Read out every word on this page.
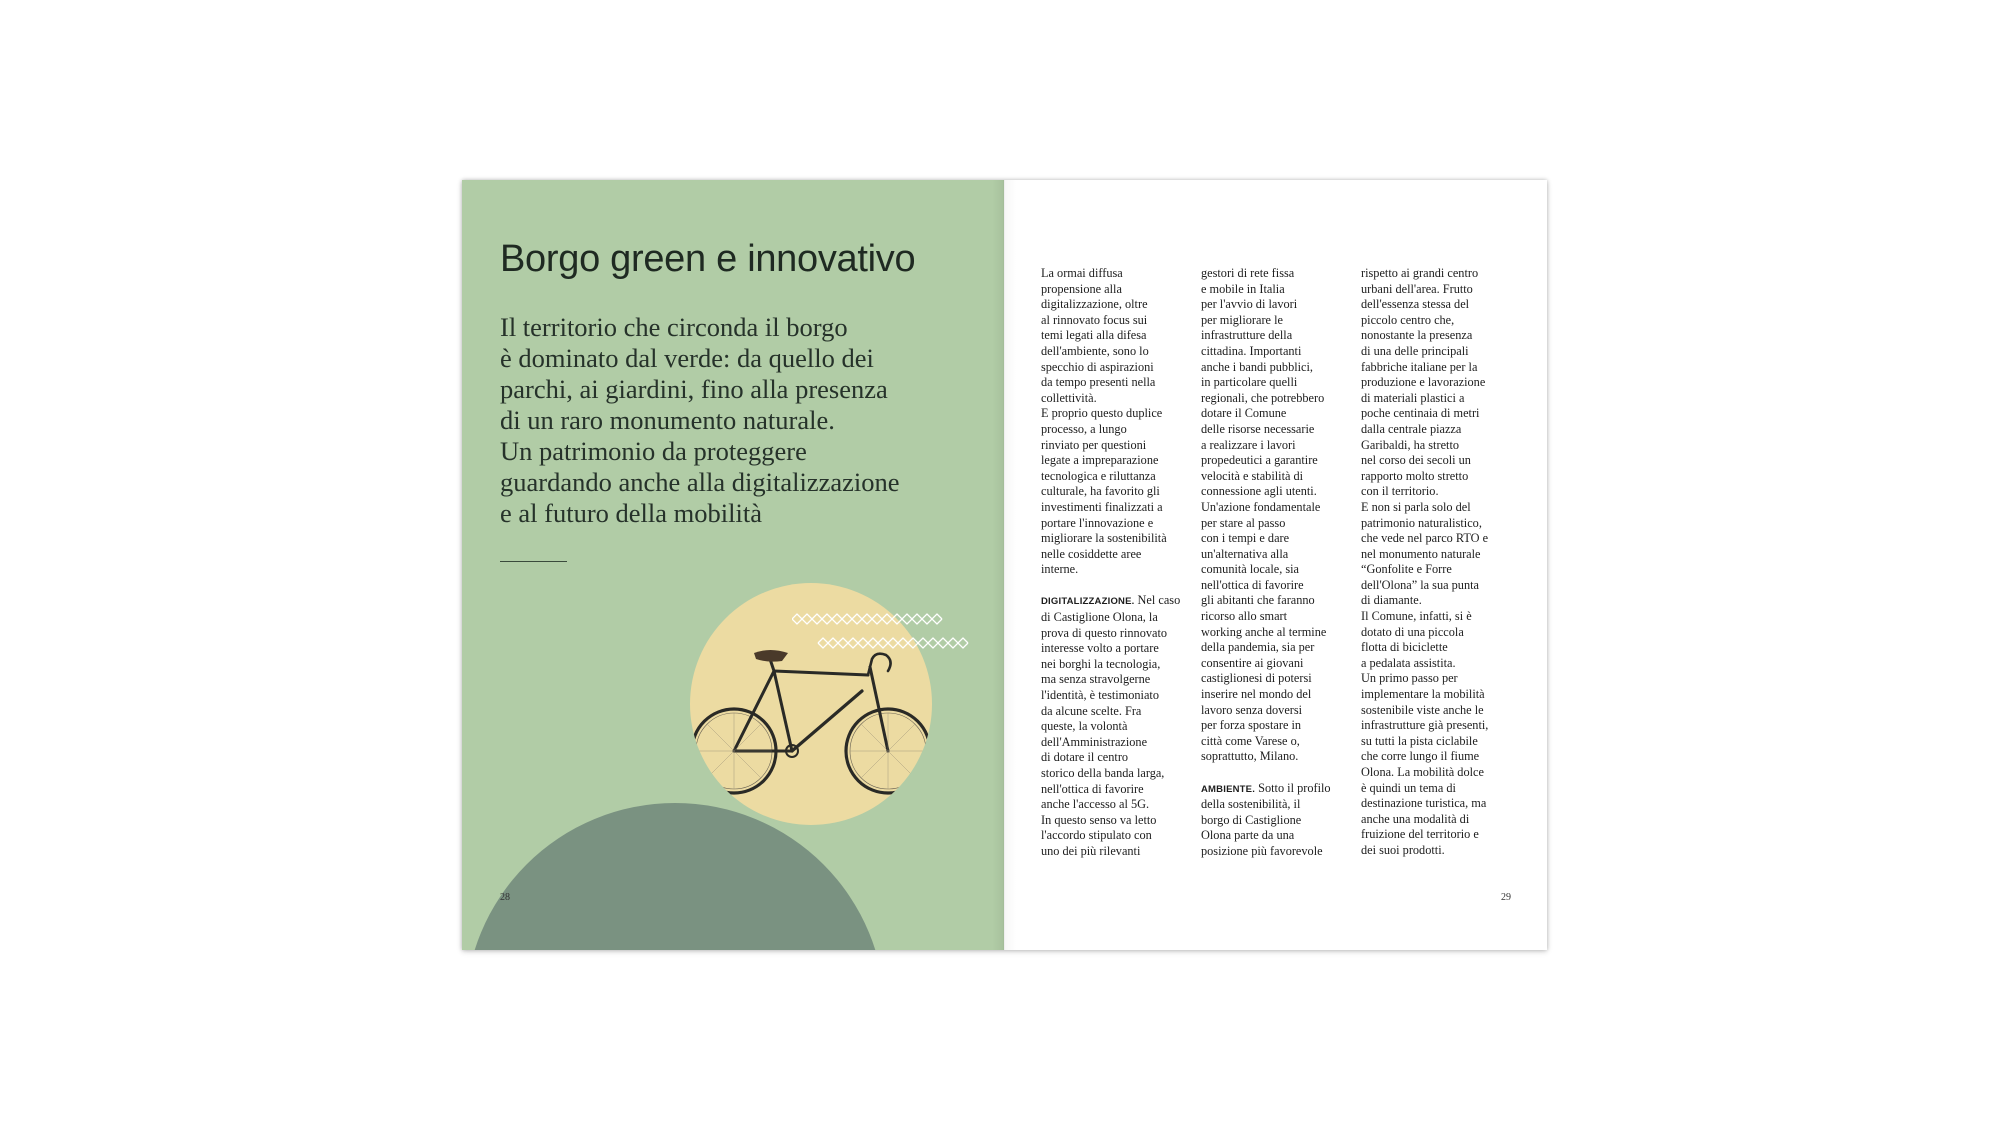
Borgo green e innovativo
Il territorio che circonda il borgo
è dominato dal verde: da quello dei
parchi, ai giardini, fino alla presenza
di un raro monumento naturale.
Un patrimonio da proteggere
guardando anche alla digitalizzazione
e al futuro della mobilità
28
La ormai diffusa
propensione alla
digitalizzazione, oltre
al rinnovato focus sui
temi legati alla difesa
dell'ambiente, sono lo
specchio di aspirazioni
da tempo presenti nella
collettività.
E proprio questo duplice
processo, a lungo
rinviato per questioni
legate a impreparazione
tecnologica e riluttanza
culturale, ha favorito gli
investimenti finalizzati a
portare l'innovazione e
migliorare la sostenibilità
nelle cosiddette aree
interne.
DIGITALIZZAZIONE. Nel caso
di Castiglione Olona, la
prova di questo rinnovato
interesse volto a portare
nei borghi la tecnologia,
ma senza stravolgerne
l'identità, è testimoniato
da alcune scelte. Fra
queste, la volontà
dell'Amministrazione
di dotare il centro
storico della banda larga,
nell'ottica di favorire
anche l'accesso al 5G.
In questo senso va letto
l'accordo stipulato con
uno dei più rilevanti
gestori di rete fissa
e mobile in Italia
per l'avvio di lavori
per migliorare le
infrastrutture della
cittadina. Importanti
anche i bandi pubblici,
in particolare quelli
regionali, che potrebbero
dotare il Comune
delle risorse necessarie
a realizzare i lavori
propedeutici a garantire
velocità e stabilità di
connessione agli utenti.
Un'azione fondamentale
per stare al passo
con i tempi e dare
un'alternativa alla
comunità locale, sia
nell'ottica di favorire
gli abitanti che faranno
ricorso allo smart
working anche al termine
della pandemia, sia per
consentire ai giovani
castiglionesi di potersi
inserire nel mondo del
lavoro senza doversi
per forza spostare in
città come Varese o,
soprattutto, Milano.
AMBIENTE. Sotto il profilo
della sostenibilità, il
borgo di Castiglione
Olona parte da una
posizione più favorevole
rispetto ai grandi centro
urbani dell'area. Frutto
dell'essenza stessa del
piccolo centro che,
nonostante la presenza
di una delle principali
fabbriche italiane per la
produzione e lavorazione
di materiali plastici a
poche centinaia di metri
dalla centrale piazza
Garibaldi, ha stretto
nel corso dei secoli un
rapporto molto stretto
con il territorio.
E non si parla solo del
patrimonio naturalistico,
che vede nel parco RTO e
nel monumento naturale
“Gonfolite e Forre
dell'Olona” la sua punta
di diamante.
Il Comune, infatti, si è
dotato di una piccola
flotta di biciclette
a pedalata assistita.
Un primo passo per
implementare la mobilità
sostenibile viste anche le
infrastrutture già presenti,
su tutti la pista ciclabile
che corre lungo il fiume
Olona. La mobilità dolce
è quindi un tema di
destinazione turistica, ma
anche una modalità di
fruizione del territorio e
dei suoi prodotti.
29
